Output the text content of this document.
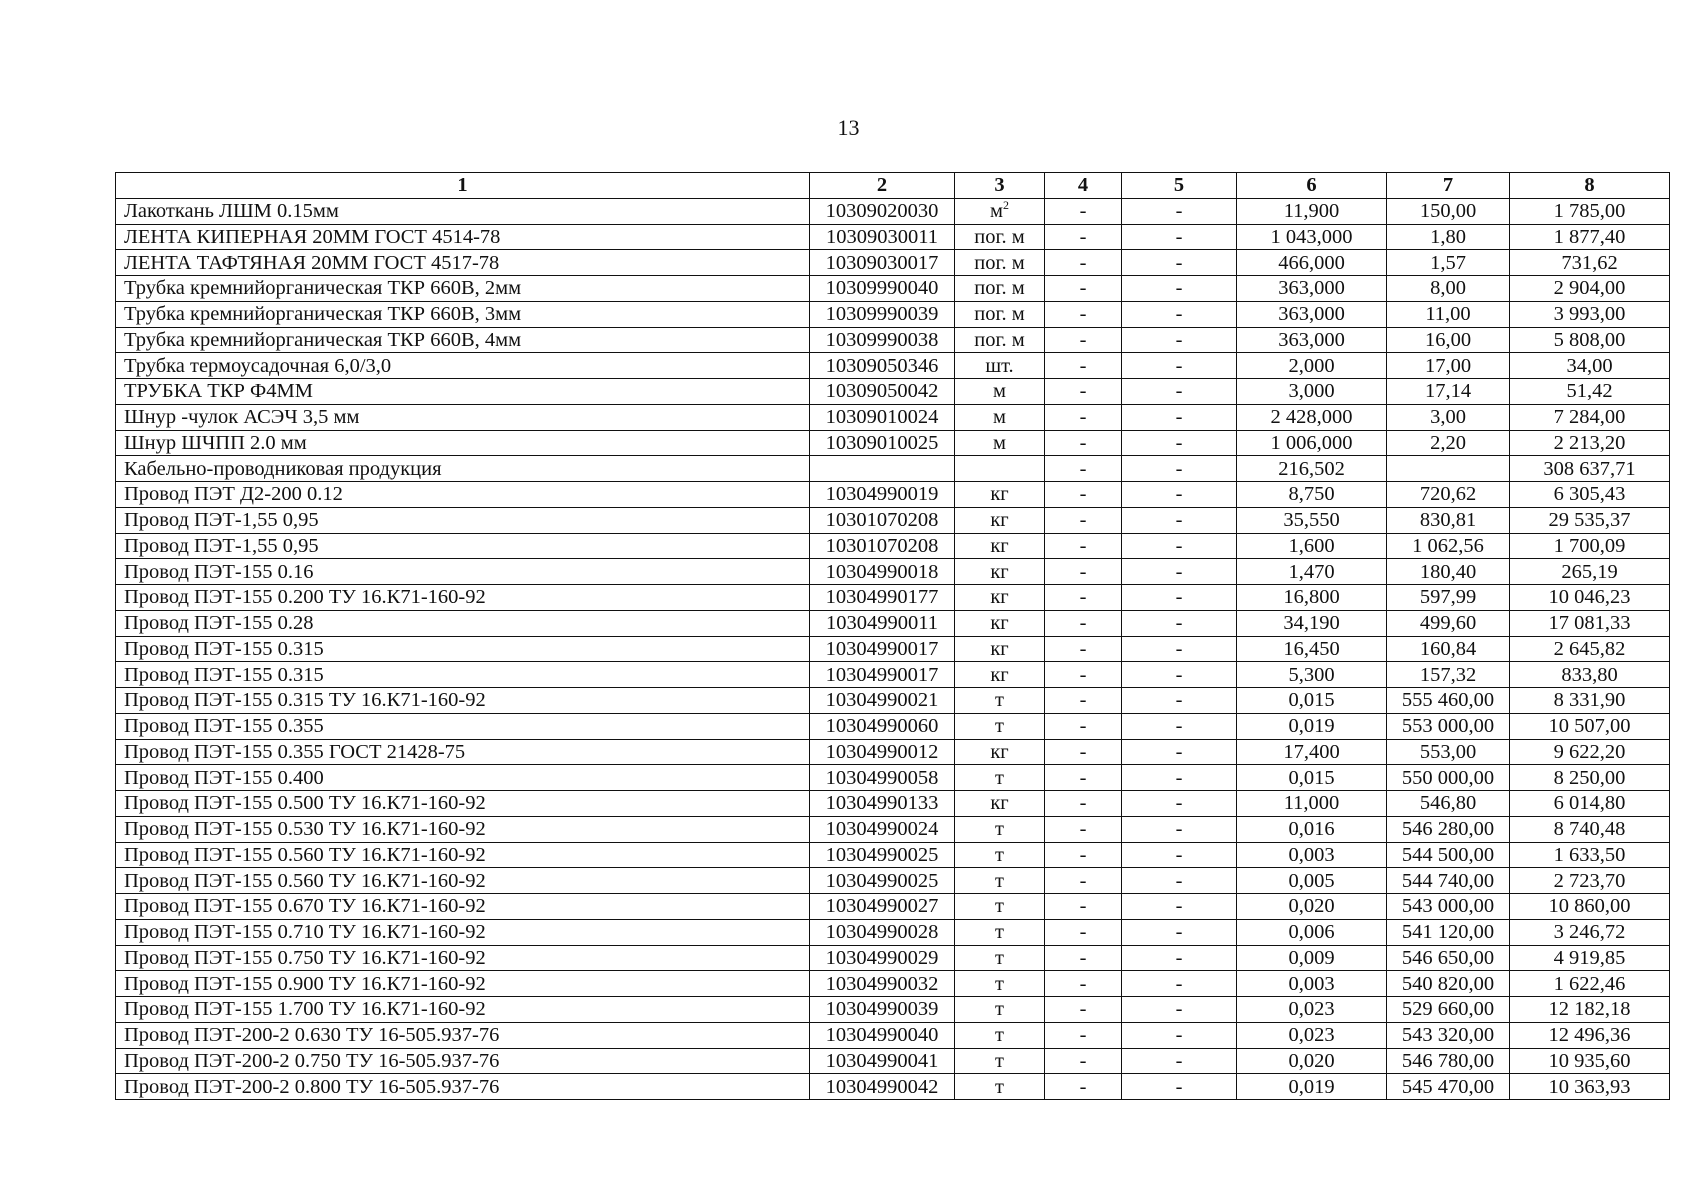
13
1	2	3	4	5	6	7	8
Лакоткань ЛШМ 0.15мм	10309020030	$м^2$	-	-	11,900	150,00	1 785,00
ЛЕНТА КИПЕРНАЯ 20ММ ГОСТ 4514-78	10309030011	пог. м	-	-	1 043,000	1,80	1 877,40
ЛЕНТА ТАФТЯНАЯ 20ММ ГОСТ 4517-78	10309030017	пог. м	-	-	466,000	1,57	731,62
Трубка кремнийорганическая ТКР 660В, 2мм	10309990040	пог. м	-	-	363,000	8,00	2 904,00
Трубка кремнийорганическая ТКР 660В, 3мм	10309990039	пог. м	-	-	363,000	11,00	3 993,00
Трубка кремнийорганическая ТКР 660В, 4мм	10309990038	пог. м	-	-	363,000	16,00	5 808,00
Трубка термоусадочная 6,0/3,0	10309050346	шт.	-	-	2,000	17,00	34,00
ТРУБКА ТКР Ф4ММ	10309050042	м	-	-	3,000	17,14	51,42
Шнур -чулок АСЭЧ 3,5 мм	10309010024	м	-	-	2 428,000	3,00	7 284,00
Шнур ШЧПП 2.0 мм	10309010025	м	-	-	1 006,000	2,20	2 213,20
Кабельно-проводниковая продукция			-	-	216,502		308 637,71
Провод ПЭТ Д2-200 0.12	10304990019	кг	-	-	8,750	720,62	6 305,43
Провод ПЭТ-1,55 0,95	10301070208	кг	-	-	35,550	830,81	29 535,37
Провод ПЭТ-1,55 0,95	10301070208	кг	-	-	1,600	1 062,56	1 700,09
Провод ПЭТ-155 0.16	10304990018	кг	-	-	1,470	180,40	265,19
Провод ПЭТ-155 0.200 ТУ 16.К71-160-92	10304990177	кг	-	-	16,800	597,99	10 046,23
Провод ПЭТ-155 0.28	10304990011	кг	-	-	34,190	499,60	17 081,33
Провод ПЭТ-155 0.315	10304990017	кг	-	-	16,450	160,84	2 645,82
Провод ПЭТ-155 0.315	10304990017	кг	-	-	5,300	157,32	833,80
Провод ПЭТ-155 0.315 ТУ 16.К71-160-92	10304990021	т	-	-	0,015	555 460,00	8 331,90
Провод ПЭТ-155 0.355	10304990060	т	-	-	0,019	553 000,00	10 507,00
Провод ПЭТ-155 0.355 ГОСТ 21428-75	10304990012	кг	-	-	17,400	553,00	9 622,20
Провод ПЭТ-155 0.400	10304990058	т	-	-	0,015	550 000,00	8 250,00
Провод ПЭТ-155 0.500 ТУ 16.К71-160-92	10304990133	кг	-	-	11,000	546,80	6 014,80
Провод ПЭТ-155 0.530 ТУ 16.К71-160-92	10304990024	т	-	-	0,016	546 280,00	8 740,48
Провод ПЭТ-155 0.560 ТУ 16.К71-160-92	10304990025	т	-	-	0,003	544 500,00	1 633,50
Провод ПЭТ-155 0.560 ТУ 16.К71-160-92	10304990025	т	-	-	0,005	544 740,00	2 723,70
Провод ПЭТ-155 0.670 ТУ 16.К71-160-92	10304990027	т	-	-	0,020	543 000,00	10 860,00
Провод ПЭТ-155 0.710 ТУ 16.К71-160-92	10304990028	т	-	-	0,006	541 120,00	3 246,72
Провод ПЭТ-155 0.750 ТУ 16.К71-160-92	10304990029	т	-	-	0,009	546 650,00	4 919,85
Провод ПЭТ-155 0.900 ТУ 16.К71-160-92	10304990032	т	-	-	0,003	540 820,00	1 622,46
Провод ПЭТ-155 1.700 ТУ 16.К71-160-92	10304990039	т	-	-	0,023	529 660,00	12 182,18
Провод ПЭТ-200-2 0.630 ТУ 16-505.937-76	10304990040	т	-	-	0,023	543 320,00	12 496,36
Провод ПЭТ-200-2 0.750 ТУ 16-505.937-76	10304990041	т	-	-	0,020	546 780,00	10 935,60
Провод ПЭТ-200-2 0.800 ТУ 16-505.937-76	10304990042	т	-	-	0,019	545 470,00	10 363,93
